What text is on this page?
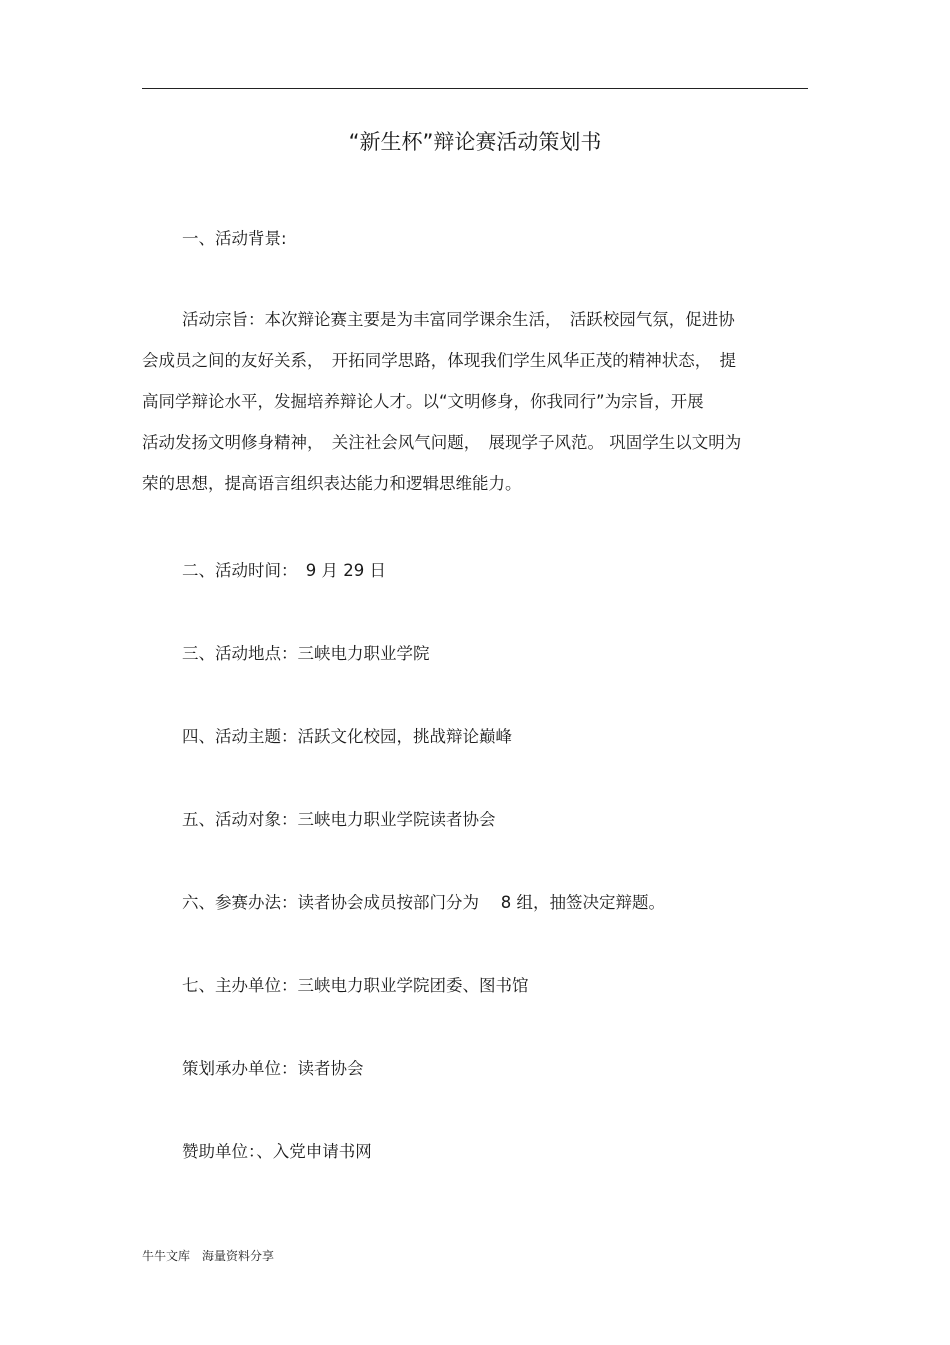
“新生杯”辩论赛活动策划书
一、活动背景:
活动宗旨：本次辩论赛主要是为丰富同学课余生活，　活跃校园气氛，促进协
会成员之间的友好关系，　开拓同学思路，体现我们学生风华正茂的精神状态，　提
高同学辩论水平，发掘培养辩论人才。以“文明修身，你我同行”为宗旨，开展
活动发扬文明修身精神，　关注社会风气问题，　展现学子风范。 巩固学生以文明为
荣的思想，提高语言组织表达能力和逻辑思维能力。
二、活动时间：　9 月 29 日
三、活动地点：三峡电力职业学院
四、活动主题：活跃文化校园，挑战辩论巅峰
五、活动对象：三峡电力职业学院读者协会
六、参赛办法：读者协会成员按部门分为　 8 组，抽签决定辩题。
七、主办单位：三峡电力职业学院团委、图书馆
策划承办单位：读者协会
赞助单位：、入党申请书网
牛牛文库 海量资料分享
